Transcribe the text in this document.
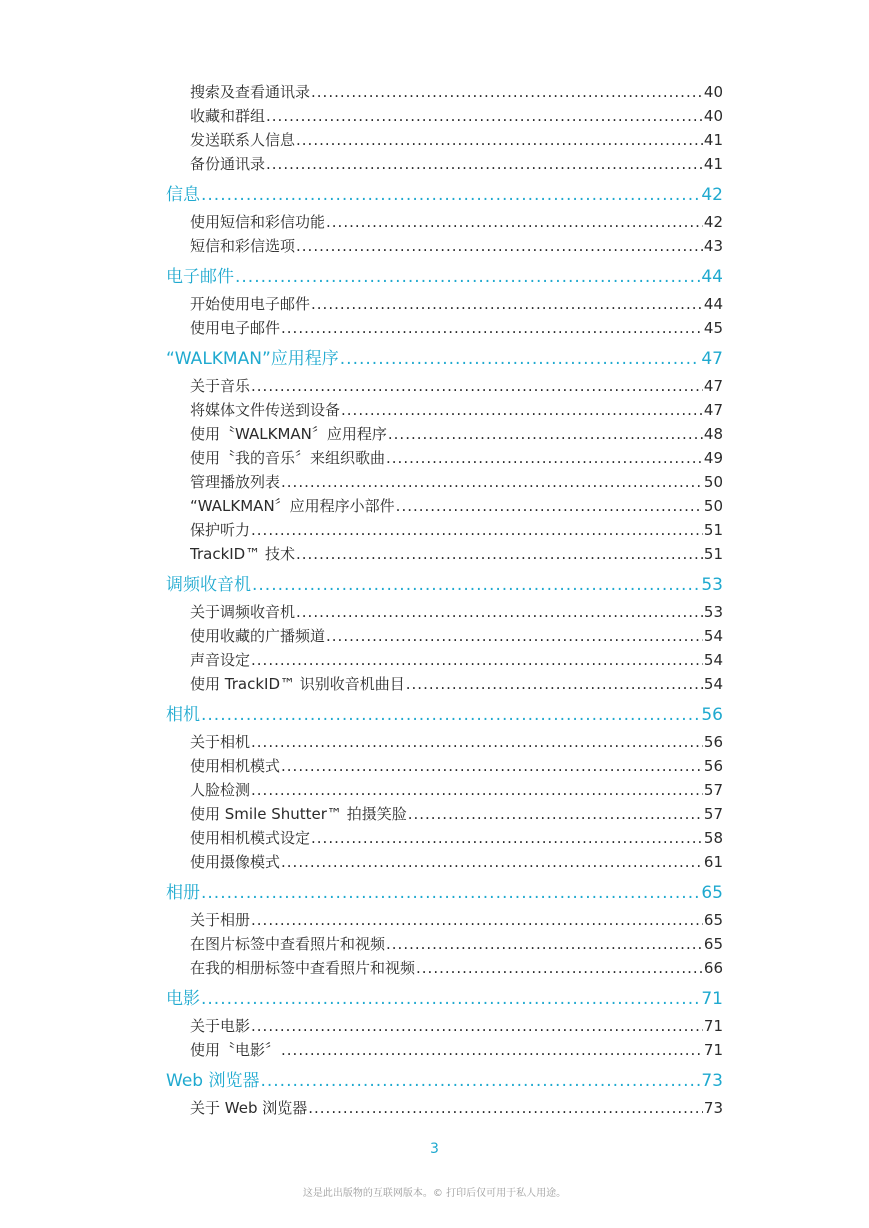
搜索及查看通讯录 .....	40
收藏和群组 .....	40
发送联系人信息 .....	41
备份通讯录 .....	41
信息 .....	42
使用短信和彩信功能 .....	42
短信和彩信选项 .....	43
电子邮件 .....	44
开始使用电子邮件 .....	44
使用电子邮件 .....	45
“WALKMAN”应用程序 .....	47
关于音乐 .....	47
将媒体文件传送到设备 .....	47
使用〝WALKMAN〞应用程序 .....	48
使用〝我的音乐〞来组织歌曲 .....	49
管理播放列表 .....	50
“WALKMAN〞应用程序小部件 .....	50
保护听力 .....	51
TrackID™ 技术 .....	51
调频收音机 .....	53
关于调频收音机 .....	53
使用收藏的广播频道 .....	54
声音设定 .....	54
使用 TrackID™ 识别收音机曲目 .....	54
相机 .....	56
关于相机 .....	56
使用相机模式 .....	56
人脸检测 .....	57
使用 Smile Shutter™ 拍摄笑脸 .....	57
使用相机模式设定 .....	58
使用摄像模式 .....	61
相册 .....	65
关于相册 .....	65
在图片标签中查看照片和视频 .....	65
在我的相册标签中查看照片和视频 .....	66
电影 .....	71
关于电影 .....	71
使用〝电影〞 .....	71
Web 浏览器 .....	73
关于 Web 浏览器 .....	73
3
这是此出版物的互联网版本。© 打印后仅可用于私人用途。
